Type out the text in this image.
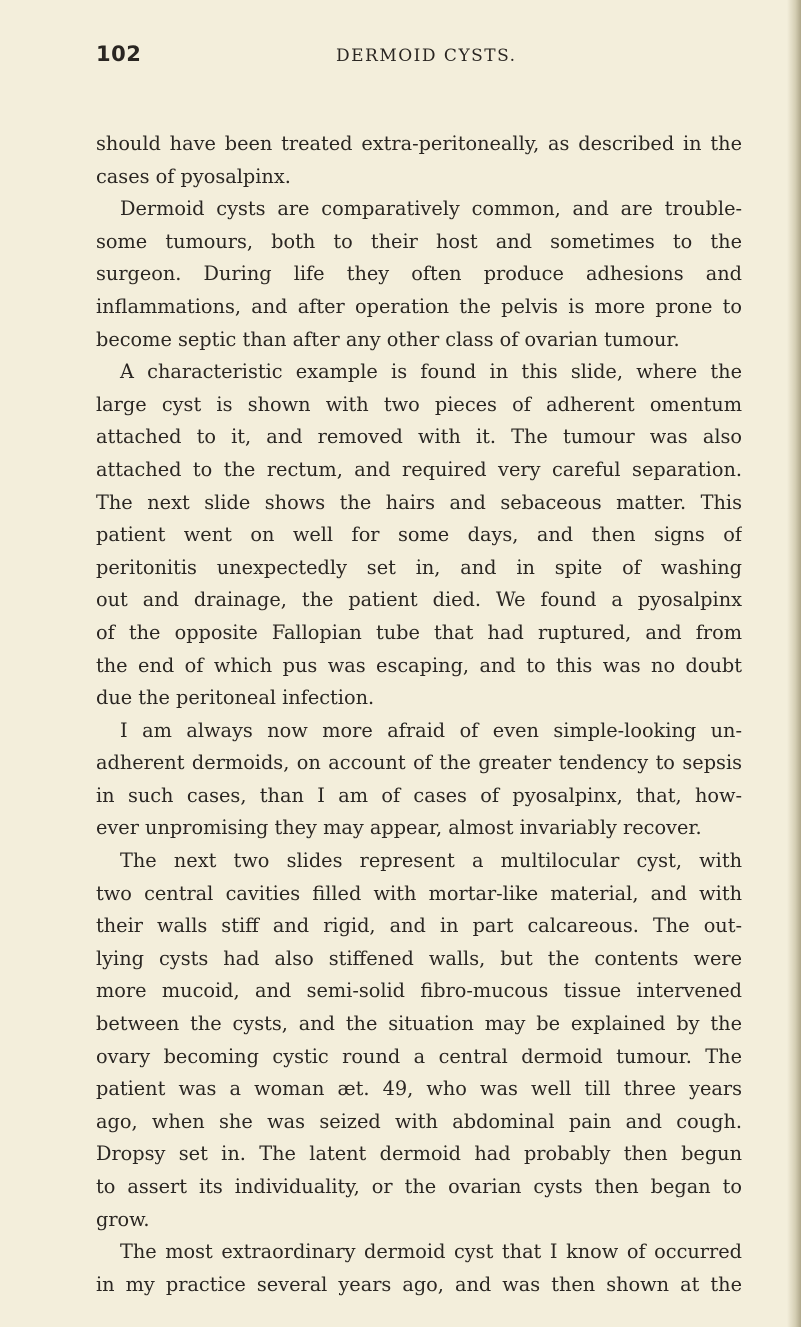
102	DERMOID CYSTS.
should have been treated extra-peritoneally, as described in the
cases of pyosalpinx.
Dermoid cysts are comparatively common, and are trouble-
some tumours, both to their host and sometimes to the
surgeon. During life they often produce adhesions and
inflammations, and after operation the pelvis is more prone to
become septic than after any other class of ovarian tumour.
A characteristic example is found in this slide, where the
large cyst is shown with two pieces of adherent omentum
attached to it, and removed with it. The tumour was also
attached to the rectum, and required very careful separation.
The next slide shows the hairs and sebaceous matter. This
patient went on well for some days, and then signs of
peritonitis unexpectedly set in, and in spite of washing
out and drainage, the patient died. We found a pyosalpinx
of the opposite Fallopian tube that had ruptured, and from
the end of which pus was escaping, and to this was no doubt
due the peritoneal infection.
I am always now more afraid of even simple-looking un-
adherent dermoids, on account of the greater tendency to sepsis
in such cases, than I am of cases of pyosalpinx, that, how-
ever unpromising they may appear, almost invariably recover.
The next two slides represent a multilocular cyst, with
two central cavities filled with mortar-like material, and with
their walls stiff and rigid, and in part calcareous. The out-
lying cysts had also stiffened walls, but the contents were
more mucoid, and semi-solid fibro-mucous tissue intervened
between the cysts, and the situation may be explained by the
ovary becoming cystic round a central dermoid tumour. The
patient was a woman æt. 49, who was well till three years
ago, when she was seized with abdominal pain and cough.
Dropsy set in. The latent dermoid had probably then begun
to assert its individuality, or the ovarian cysts then began to
grow.
The most extraordinary dermoid cyst that I know of occurred
in my practice several years ago, and was then shown at the
